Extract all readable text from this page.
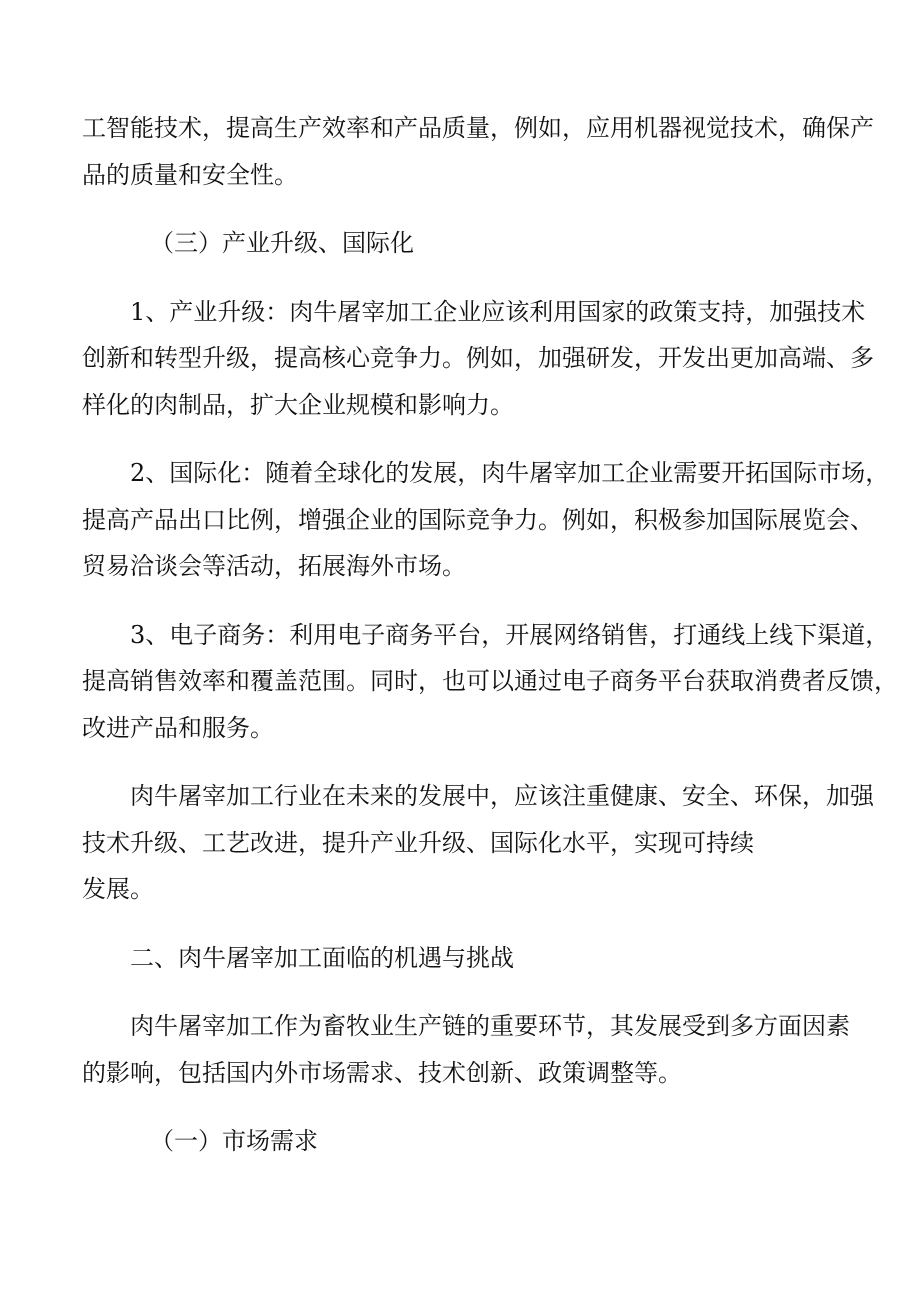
工智能技术，提高生产效率和产品质量，例如，应用机器视觉技术，确保产
品的质量和安全性。

（三）产业升级、国际化

1、产业升级：肉牛屠宰加工企业应该利用国家的政策支持，加强技术
创新和转型升级，提高核心竞争力。例如，加强研发，开发出更加高端、多
样化的肉制品，扩大企业规模和影响力。

2、国际化：随着全球化的发展，肉牛屠宰加工企业需要开拓国际市场，
提高产品出口比例，增强企业的国际竞争力。例如，积极参加国际展览会、
贸易洽谈会等活动，拓展海外市场。

3、电子商务：利用电子商务平台，开展网络销售，打通线上线下渠道，
提高销售效率和覆盖范围。同时，也可以通过电子商务平台获取消费者反馈，
改进产品和服务。

肉牛屠宰加工行业在未来的发展中，应该注重健康、安全、环保，加强
技术升级、工艺改进，提升产业升级、国际化水平，实现可持续
发展。

二、肉牛屠宰加工面临的机遇与挑战

肉牛屠宰加工作为畜牧业生产链的重要环节，其发展受到多方面因素
的影响，包括国内外市场需求、技术创新、政策调整等。

（一）市场需求
